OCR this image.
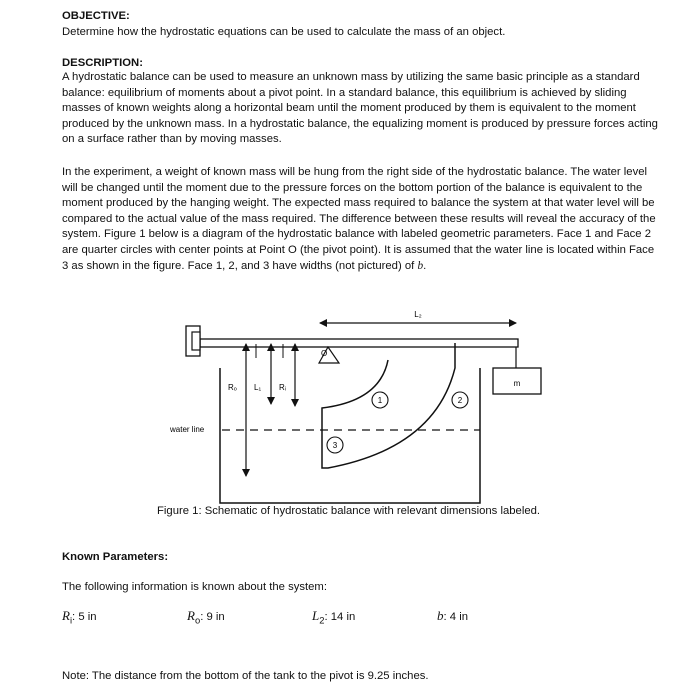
OBJECTIVE:

Determine how the hydrostatic equations can be used to calculate the mass of an object.

DESCRIPTION:

A hydrostatic balance can be used to measure an unknown mass by utilizing the same basic principle as a standard balance: equilibrium of moments about a pivot point. In a standard balance, this equilibrium is achieved by sliding masses of known weights along a horizontal beam until the moment produced by them is equivalent to the moment produced by the unknown mass. In a hydrostatic balance, the equalizing moment is produced by pressure forces acting on a surface rather than by moving masses.

In the experiment, a weight of known mass will be hung from the right side of the hydrostatic balance. The water level will be changed until the moment due to the pressure forces on the bottom portion of the balance is equivalent to the moment produced by the hanging weight. The expected mass required to balance the system at that water level will be compared to the actual value of the mass required. The difference between these results will reveal the accuracy of the system. Figure 1 below is a diagram of the hydrostatic balance with labeled geometric parameters. Face 1 and Face 2 are quarter circles with center points at Point O (the pivot point). It is assumed that the water line is located within Face 3 as shown in the figure. Face 1, 2, and 3 have widths (not pictured) of b.

L₂
O
Rₒ L₁ Rᵢ	m
water line
1	2
3

Figure 1: Schematic of hydrostatic balance with relevant dimensions labeled.

Known Parameters:

The following information is known about the system:

$R_i$: 5 in	$R_o$: 9 in	$L_2$: 14 in	b: 4 in

Note: The distance from the bottom of the tank to the pivot is 9.25 inches.
